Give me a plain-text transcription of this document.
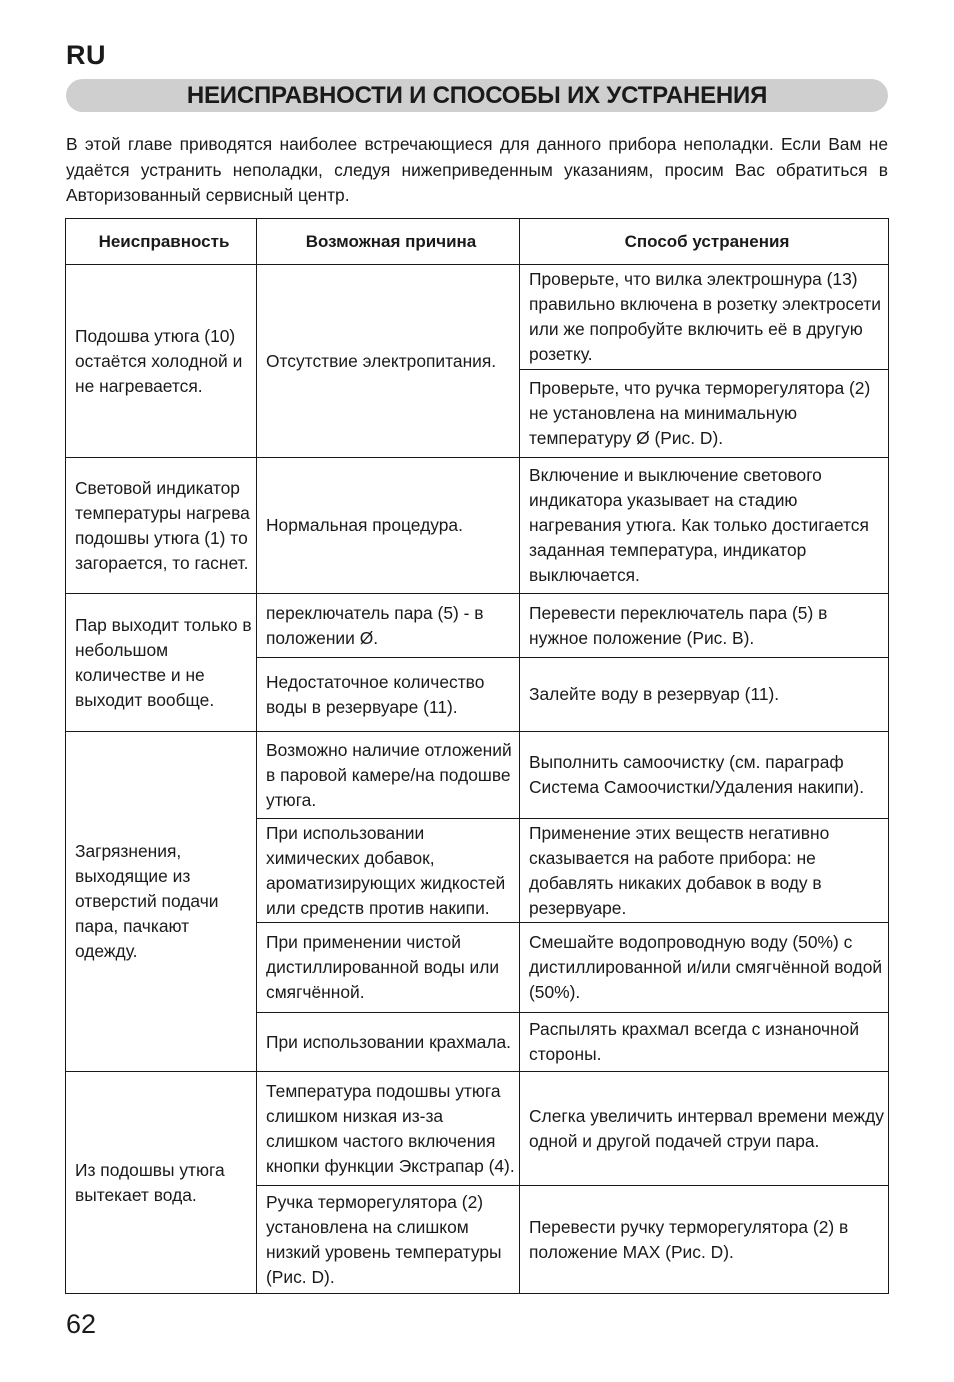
RU
НЕИСПРАВНОСТИ И СПОСОБЫ ИХ УСТРАНЕНИЯ
В этой главе приводятся наиболее встречающиеся для данного прибора неполадки. Если Вам не удаётся устранить неполадки, следуя нижеприведенным указаниям, просим Вас обратиться в Авторизованный сервисный центр.
Неисправность	Возможная причина	Способ устранения
Подошва утюга (10) остаётся холодной и не нагревается.	Отсутствие электропитания.	Проверьте, что вилка электрошнура (13) правильно включена в розетку электросети или же попробуйте включить её в другую розетку.
		Проверьте, что ручка терморегулятора (2) не установлена на минимальную температуру Ø (Рис. D).
Световой индикатор температуры нагрева подошвы утюга (1) то загорается, то гаснет.	Нормальная процедура.	Включение и выключение светового индикатора указывает на стадию нагревания утюга. Как только достигается заданная температура, индикатор выключается.
Пар выходит только в небольшом количестве и не выходит вообще.	переключатель пара (5) - в положении Ø.	Перевести переключатель пара (5) в нужное положение (Рис. В).
	Недостаточное количество воды в резервуаре (11).	Залейте воду в резервуар (11).
Загрязнения, выходящие из отверстий подачи пара, пачкают одежду.	Возможно наличие отложений в паровой камере/на подошве утюга.	Выполнить самоочистку (см. параграф Система Самоочистки/Удаления накипи).
	При использовании химических добавок, ароматизирующих жидкостей или средств против накипи.	Применение этих веществ негативно сказывается на работе прибора: не добавлять никаких добавок в воду в резервуаре.
	При применении чистой дистиллированной воды или смягчённой.	Смешайте водопроводную воду (50%) с дистиллированной и/или смягчённой водой (50%).
	При использовании крахмала.	Распылять крахмал всегда с изнаночной стороны.
Из подошвы утюга вытекает вода.	Температура подошвы утюга слишком низкая из-за слишком частого включения кнопки функции Экстрапар (4).	Слегка увеличить интервал времени между одной и другой подачей струи пара.
	Ручка терморегулятора (2) установлена на слишком низкий уровень температуры (Рис. D).	Перевести ручку терморегулятора (2) в положение MAX (Рис. D).
62
